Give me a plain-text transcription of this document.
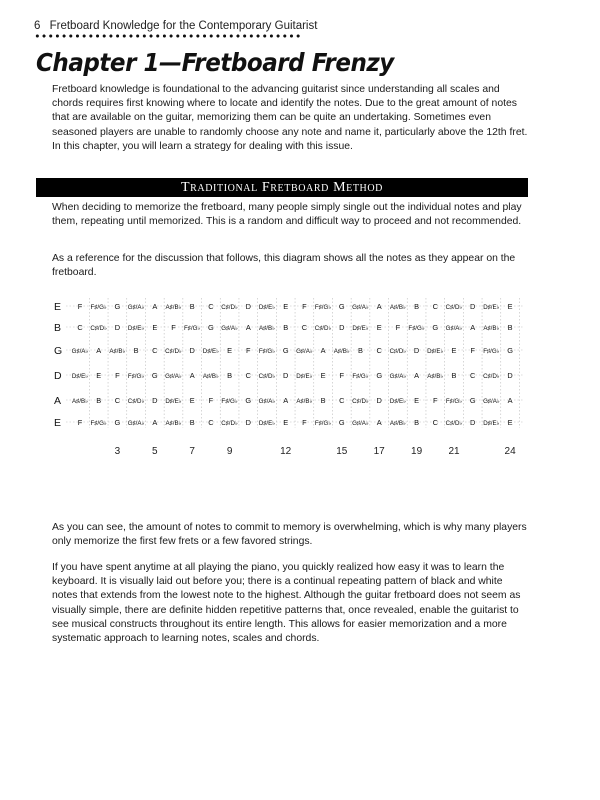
6 Fretboard Knowledge for the Contemporary Guitarist
Chapter 1—Fretboard Frenzy

Fretboard knowledge is foundational to the advancing guitarist since understanding all scales and chords requires first knowing where to locate and identify the notes. Due to the great amount of notes that are available on the guitar, memorizing them can be quite an undertaking. Sometimes even seasoned players are unable to randomly choose any note and name it, particularly above the 12th fret. In this chapter, you will learn a strategy for dealing with this issue.

Traditional Fretboard Method

When deciding to memorize the fretboard, many people simply single out the individual notes and play them, repeating until memorized. This is a random and difficult way to proceed and not recommended.

As a reference for the discussion that follows, this diagram shows all the notes as they appear on the fretboard.

E F F♯/G♭ G G♯/A♭ A A♯/B♭ B C C♯/D♭ D D♯/E♭ E F F♯/G♭ G G♯/A♭ A A♯/B♭ B C C♯/D♭ D D♯/E♭ E
B C C♯/D♭ D D♯/E♭ E F F♯/G♭ G G♯/A♭ A A♯/B♭ B C C♯/D♭ D D♯/E♭ E F F♯/G♭ G G♯/A♭ A A♯/B♭ B
G G♯/A♭ A A♯/B♭ B C C♯/D♭ D D♯/E♭ E F F♯/G♭ G G♯/A♭ A A♯/B♭ B C C♯/D♭ D D♯/E♭ E F F♯/G♭ G
D D♯/E♭ E F F♯/G♭ G G♯/A♭ A A♯/B♭ B C C♯/D♭ D D♯/E♭ E F F♯/G♭ G G♯/A♭ A A♯/B♭ B C C♯/D♭ D
A A♯/B♭ B C C♯/D♭ D D♯/E♭ E F F♯/G♭ G G♯/A♭ A A♯/B♭ B C C♯/D♭ D D♯/E♭ E F F♯/G♭ G G♯/A♭ A
E F F♯/G♭ G G♯/A♭ A A♯/B♭ B C C♯/D♭ D D♯/E♭ E F F♯/G♭ G G♯/A♭ A A♯/B♭ B C C♯/D♭ D D♯/E♭ E
3	5	7	9	12	15	17	19	21	24

As you can see, the amount of notes to commit to memory is overwhelming, which is why many players only memorize the first few frets or a few favored strings.

If you have spent anytime at all playing the piano, you quickly realized how easy it was to learn the keyboard. It is visually laid out before you; there is a continual repeating pattern of black and white notes that extends from the lowest note to the highest. Although the guitar fretboard does not seem as visually simple, there are definite hidden repetitive patterns that, once revealed, enable the guitarist to see musical constructs throughout its entire length. This allows for easier memorization and a more systematic approach to learning notes, scales and chords.
